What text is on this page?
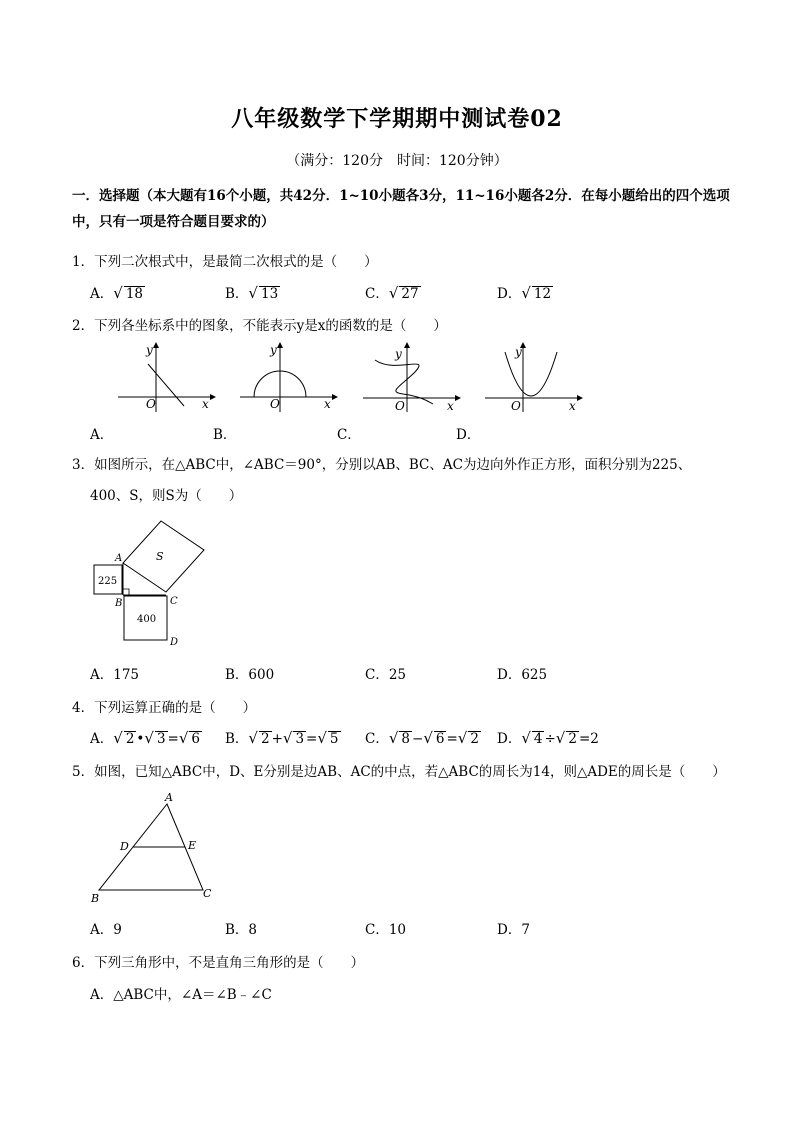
八年级数学下学期期中测试卷02
（满分：120分　时间：120分钟）
一．选择题（本大题有16个小题，共42分．1~10小题各3分，11~16小题各2分．在每小题给出的四个选项中，只有一项是符合题目要求的）
1．下列二次根式中，是最简二次根式的是（　　）
A．√ 18	B．√ 13	C．√ 27	D．√ 12
2．下列各坐标系中的图象，不能表示y是x的函数的是（　　）
O	x
y
O	x
y
O	x
y
O	x
y
A．	B．	C．	D．
3．如图所示，在△ABC中，∠ABC＝90°，分别以AB、BC、AC为边向外作正方形，面积分别为225、
400、S，则S为（　　）
S
225
400
A
B	C
D
A．175	B．600	C．25	D．625
4．下列运算正确的是（　　）
A．√ 2 •√ 3 =√ 6 B．√ 2 +√ 3 =√ 5 C．√ 8 −√ 6 =√ 2 D．√ 4 ÷√ 2 =2
5．如图，已知△ABC中，D、E分别是边AB、AC的中点，若△ABC的周长为14，则△ADE的周长是（　　）
A
D	E
B	C
A．9	B．8	C．10	D．7
6．下列三角形中，不是直角三角形的是（　　）
A．△ABC中，∠A＝∠B﹣∠C
